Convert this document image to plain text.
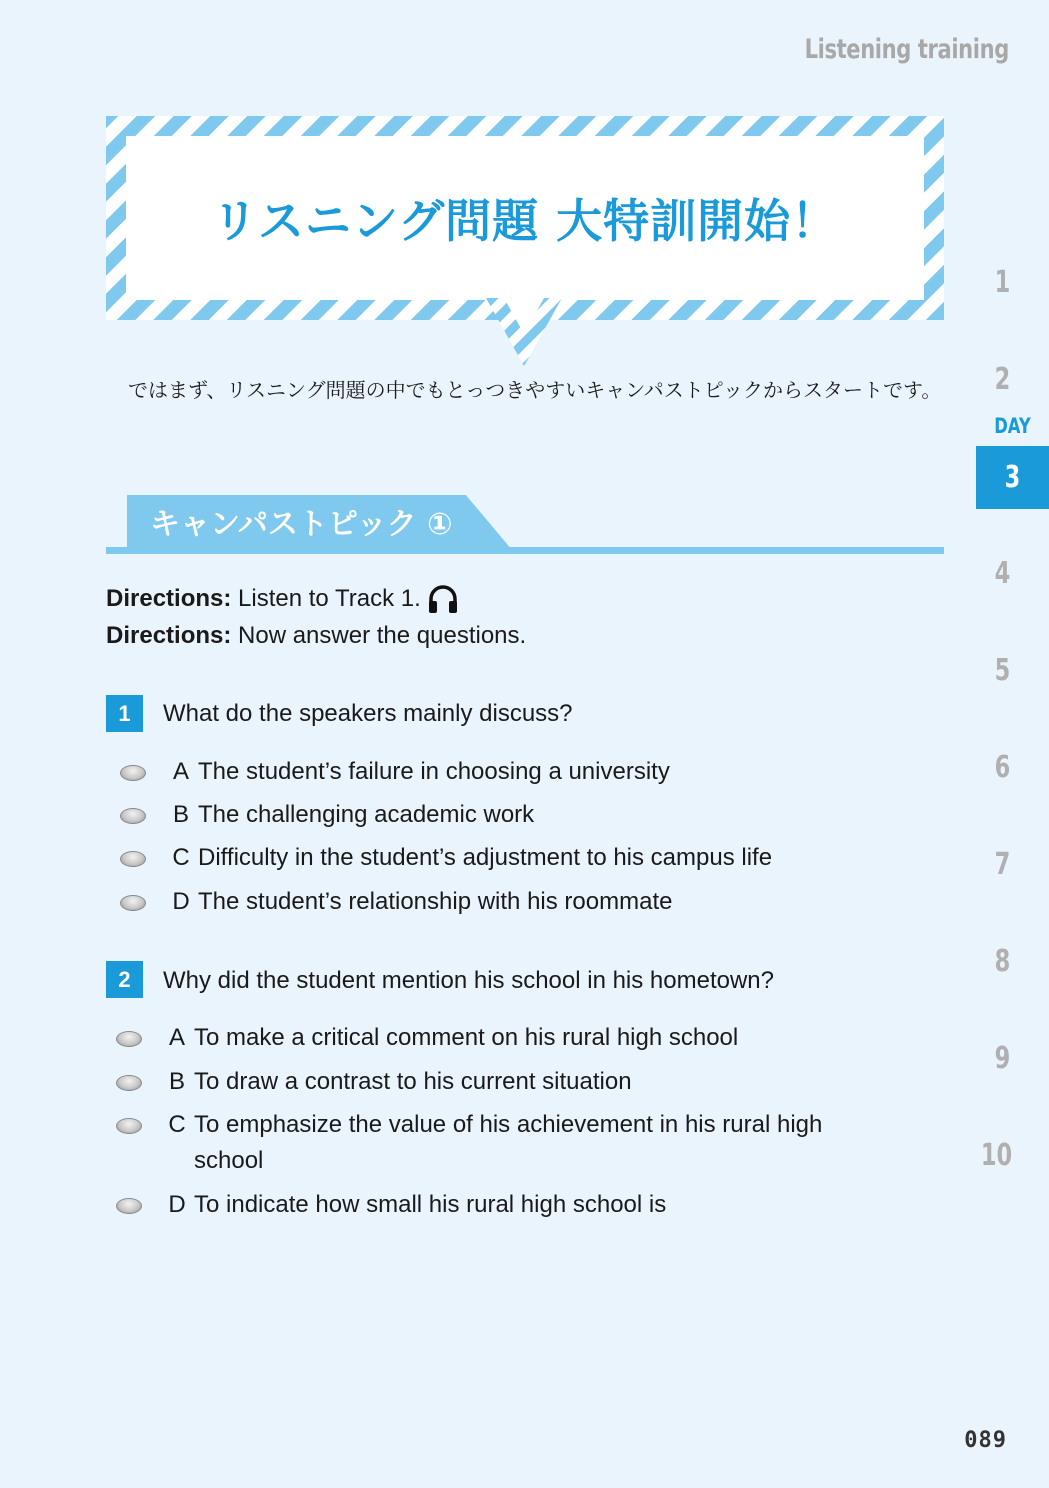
Listening training
リスニング問題 大特訓開始！
ではまず、リスニング問題の中でもとっつきやすいキャンパストピックからスタートです。
キャンパストピック ①
Directions:
Listen to Track 1.
Directions:
Now answer the questions.
1	What do the speakers mainly discuss?
A The student’s failure in choosing a university
B The challenging academic work
C Difficulty in the student’s adjustment to his campus life
D The student’s relationship with his roommate
2	Why did the student mention his school in his hometown?
A To make a critical comment on his rural high school
B To draw a contrast to his current situation
C To emphasize the value of his achievement in his rural high school
D To indicate how small his rural high school is
1
2
DAY
3
4
5
6
7
8
9
10
089
